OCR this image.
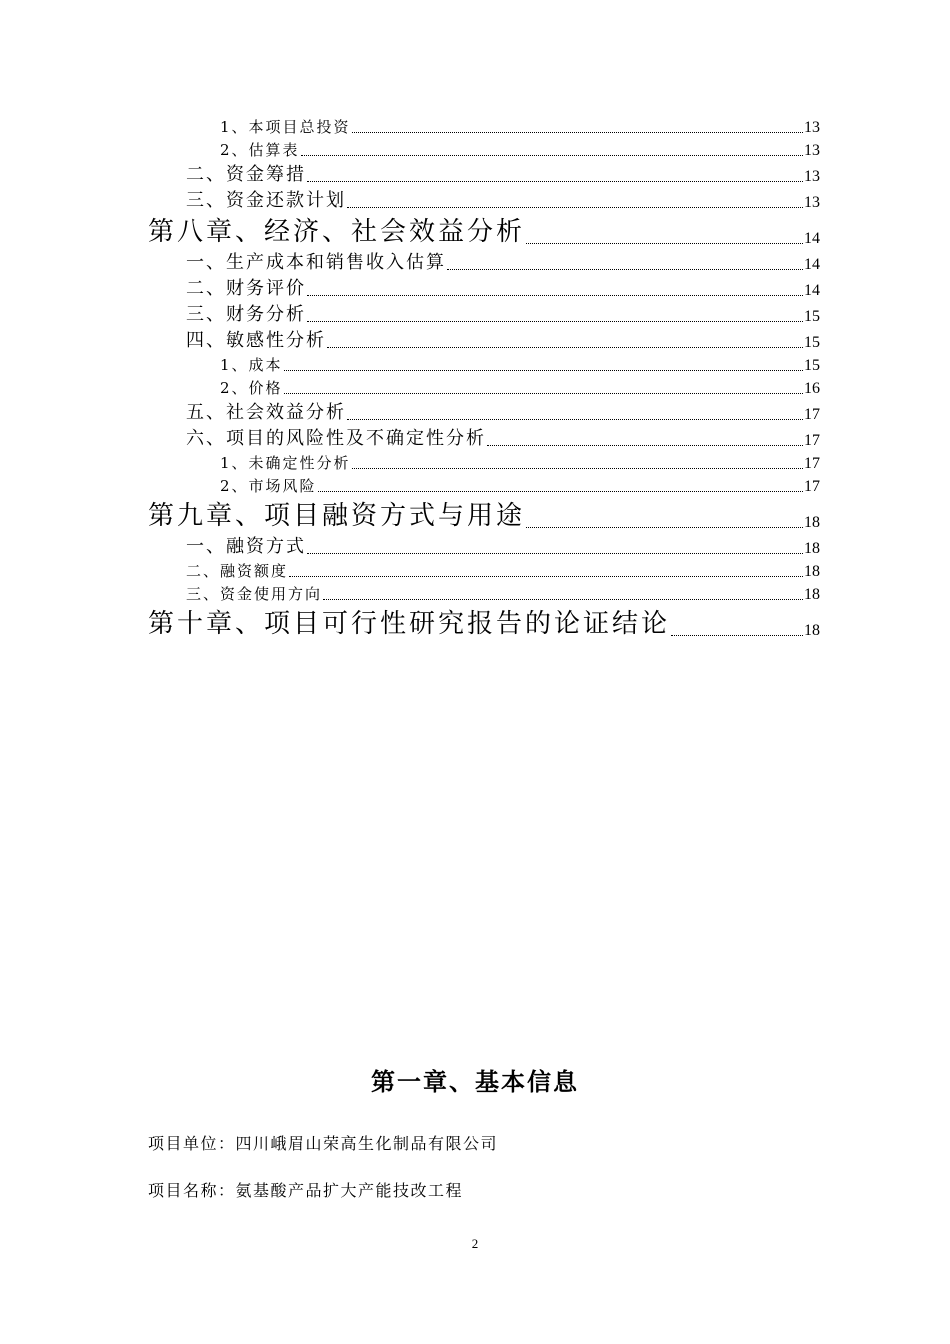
1、本项目总投资	13
2、估算表	13
二、资金筹措	13
三、资金还款计划	13
第八章、经济、社会效益分析	14
一、生产成本和销售收入估算	14
二、财务评价	14
三、财务分析	15
四、敏感性分析	15
1、成本	15
2、价格	16
五、社会效益分析	17
六、项目的风险性及不确定性分析	17
1、未确定性分析	17
2、市场风险	17
第九章、项目融资方式与用途	18
一、融资方式	18
二、融资额度	18
三、资金使用方向	18
第十章、项目可行性研究报告的论证结论	18
第一章、基本信息
项目单位：四川峨眉山荣高生化制品有限公司
项目名称：氨基酸产品扩大产能技改工程
2
